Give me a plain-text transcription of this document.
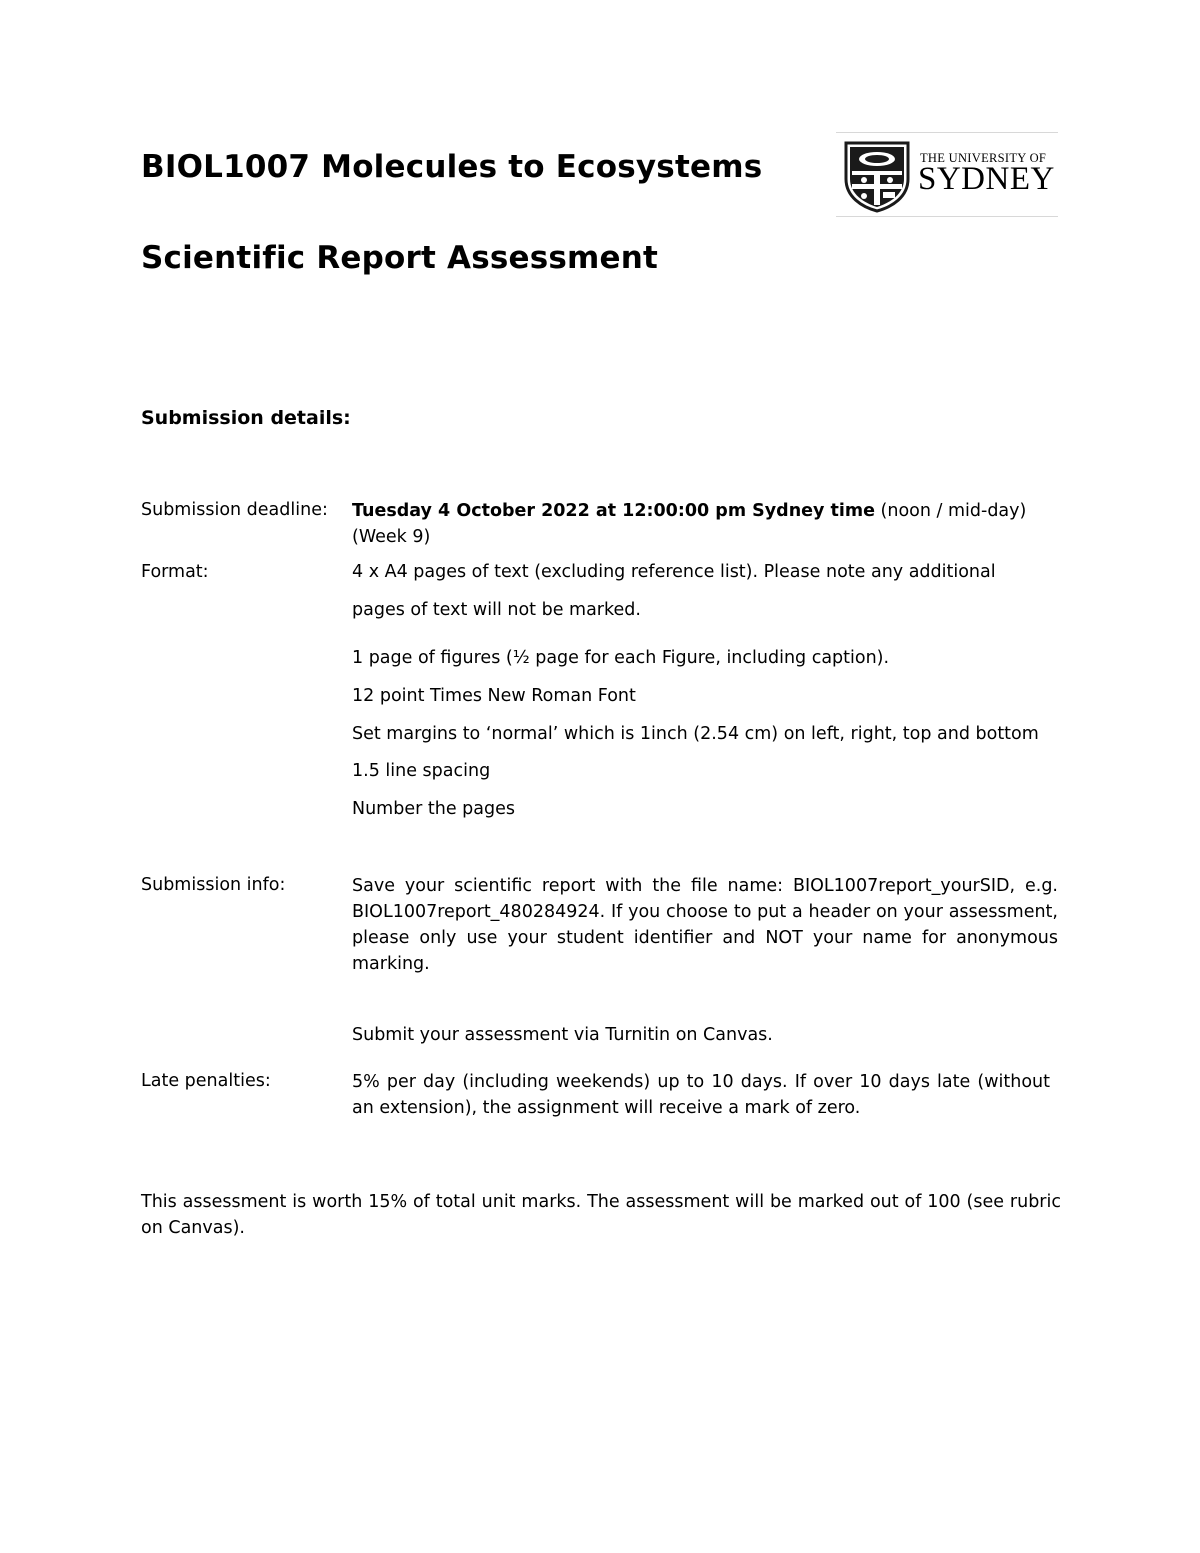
BIOL1007 Molecules to Ecosystems
Scientific Report Assessment
THE UNIVERSITY OF
SYDNEY
Submission details:
Submission deadline: Tuesday 4 October 2022 at 12:00:00 pm Sydney time (noon / mid-day)
(Week 9)
Format:	4 x A4 pages of text (excluding reference list). Please note any additional
pages of text will not be marked.
1 page of figures (½ page for each Figure, including caption).
12 point Times New Roman Font
Set margins to ‘normal’ which is 1inch (2.54 cm) on left, right, top and bottom
1.5 line spacing
Number the pages
Submission info:	Save your scientific report with the file name: BIOL1007report_yourSID, e.g. BIOL1007report_480284924. If you choose to put a header on your assessment, please only use your student identifier and NOT your name for anonymous marking.
Submit your assessment via Turnitin on Canvas.
Late penalties:	5% per day (including weekends) up to 10 days. If over 10 days late (without an extension), the assignment will receive a mark of zero.
This assessment is worth 15% of total unit marks. The assessment will be marked out of 100 (see rubric on Canvas).
